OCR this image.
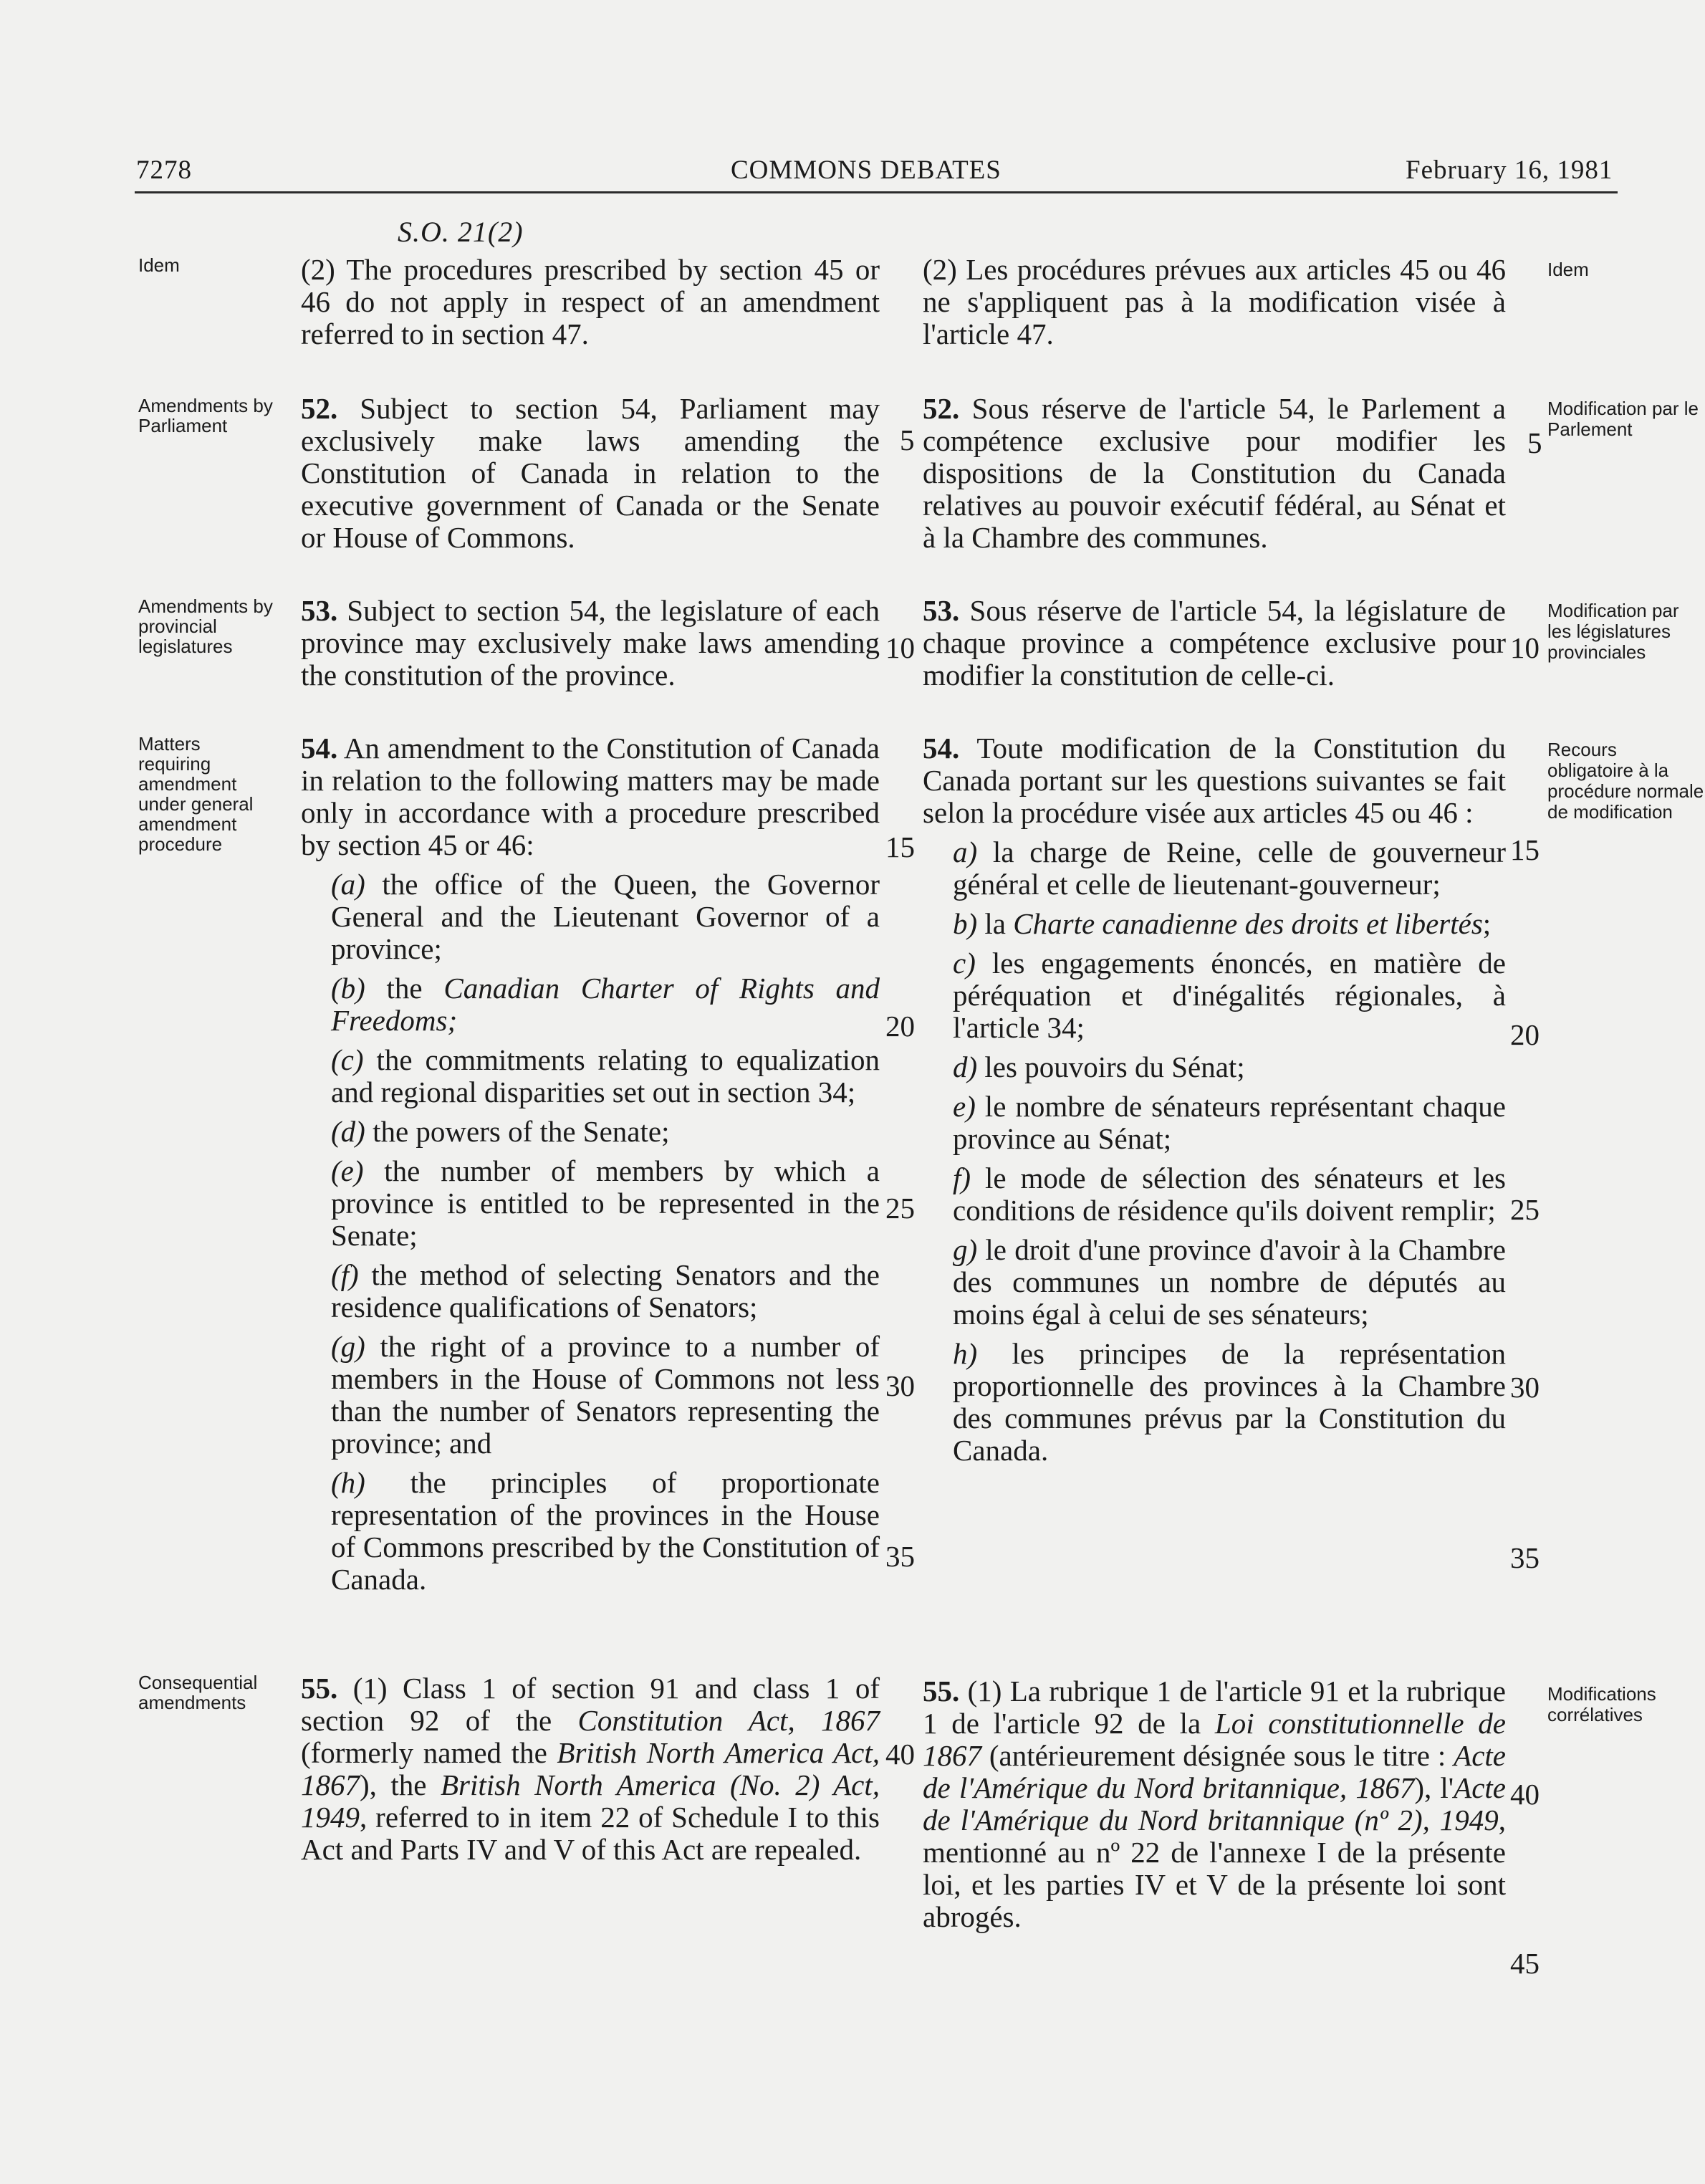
7278	COMMONS DEBATES	February 16, 1981
S.O. 21(2)
Idem
Amendments by Parliament
Amendments by provincial legislatures
Matters requiring amendment under general amendment procedure
Consequential amendments
Idem
Modification par le Parlement
Modification par les législatures provinciales
Recours obligatoire à la procédure normale de modification
Modifications corrélatives

(2) The procedures prescribed by section 45 or 46 do not apply in respect of an amendment referred to in section 47.

52. Subject to section 54, Parliament may exclusively make laws amending the Constitution of Canada in relation to the executive government of Canada or the Senate or House of Commons.

53. Subject to section 54, the legislature of each province may exclusively make laws amending the constitution of the province.

54. An amendment to the Constitution of Canada in relation to the following matters may be made only in accordance with a procedure prescribed by section 45 or 46:

(a) the office of the Queen, the Governor General and the Lieutenant Governor of a province;

(b) the Canadian Charter of Rights and Freedoms;

(c) the commitments relating to equalization and regional disparities set out in section 34;

(d) the powers of the Senate;

(e) the number of members by which a province is entitled to be represented in the Senate;

(f) the method of selecting Senators and the residence qualifications of Senators;

(g) the right of a province to a number of members in the House of Commons not less than the number of Senators representing the province; and

(h) the principles of proportionate representation of the provinces in the House of Commons prescribed by the Constitution of Canada.

55. (1) Class 1 of section 91 and class 1 of section 92 of the Constitution Act, 1867 (formerly named the British North America Act, 1867), the British North America (No. 2) Act, 1949, referred to in item 22 of Schedule I to this Act and Parts IV and V of this Act are repealed.

(2) Les procédures prévues aux articles 45 ou 46 ne s'appliquent pas à la modification visée à l'article 47.

52. Sous réserve de l'article 54, le Parlement a compétence exclusive pour modifier les dispositions de la Constitution du Canada relatives au pouvoir exécutif fédéral, au Sénat et à la Chambre des communes.

53. Sous réserve de l'article 54, la législature de chaque province a compétence exclusive pour modifier la constitution de celle-ci.

54. Toute modification de la Constitution du Canada portant sur les questions suivantes se fait selon la procédure visée aux articles 45 ou 46 :

a) la charge de Reine, celle de gouverneur général et celle de lieutenant-gouverneur;

b) la Charte canadienne des droits et libertés;

c) les engagements énoncés, en matière de péréquation et d'inégalités régionales, à l'article 34;

d) les pouvoirs du Sénat;

e) le nombre de sénateurs représentant chaque province au Sénat;

f) le mode de sélection des sénateurs et les conditions de résidence qu'ils doivent remplir;

g) le droit d'une province d'avoir à la Chambre des communes un nombre de députés au moins égal à celui de ses sénateurs;

h) les principes de la représentation proportionnelle des provinces à la Chambre des communes prévus par la Constitution du Canada.

55. (1) La rubrique 1 de l'article 91 et la rubrique 1 de l'article 92 de la Loi constitutionnelle de 1867 (antérieurement désignée sous le titre : Acte de l'Amérique du Nord britannique, 1867), l'Acte de l'Amérique du Nord britannique (nº 2), 1949, mentionné au nº 22 de l'annexe I de la présente loi, et les parties IV et V de la présente loi sont abrogés.

5
10
15
20
25
30
35
40
5
10
15
20
25
30
35
40
45
